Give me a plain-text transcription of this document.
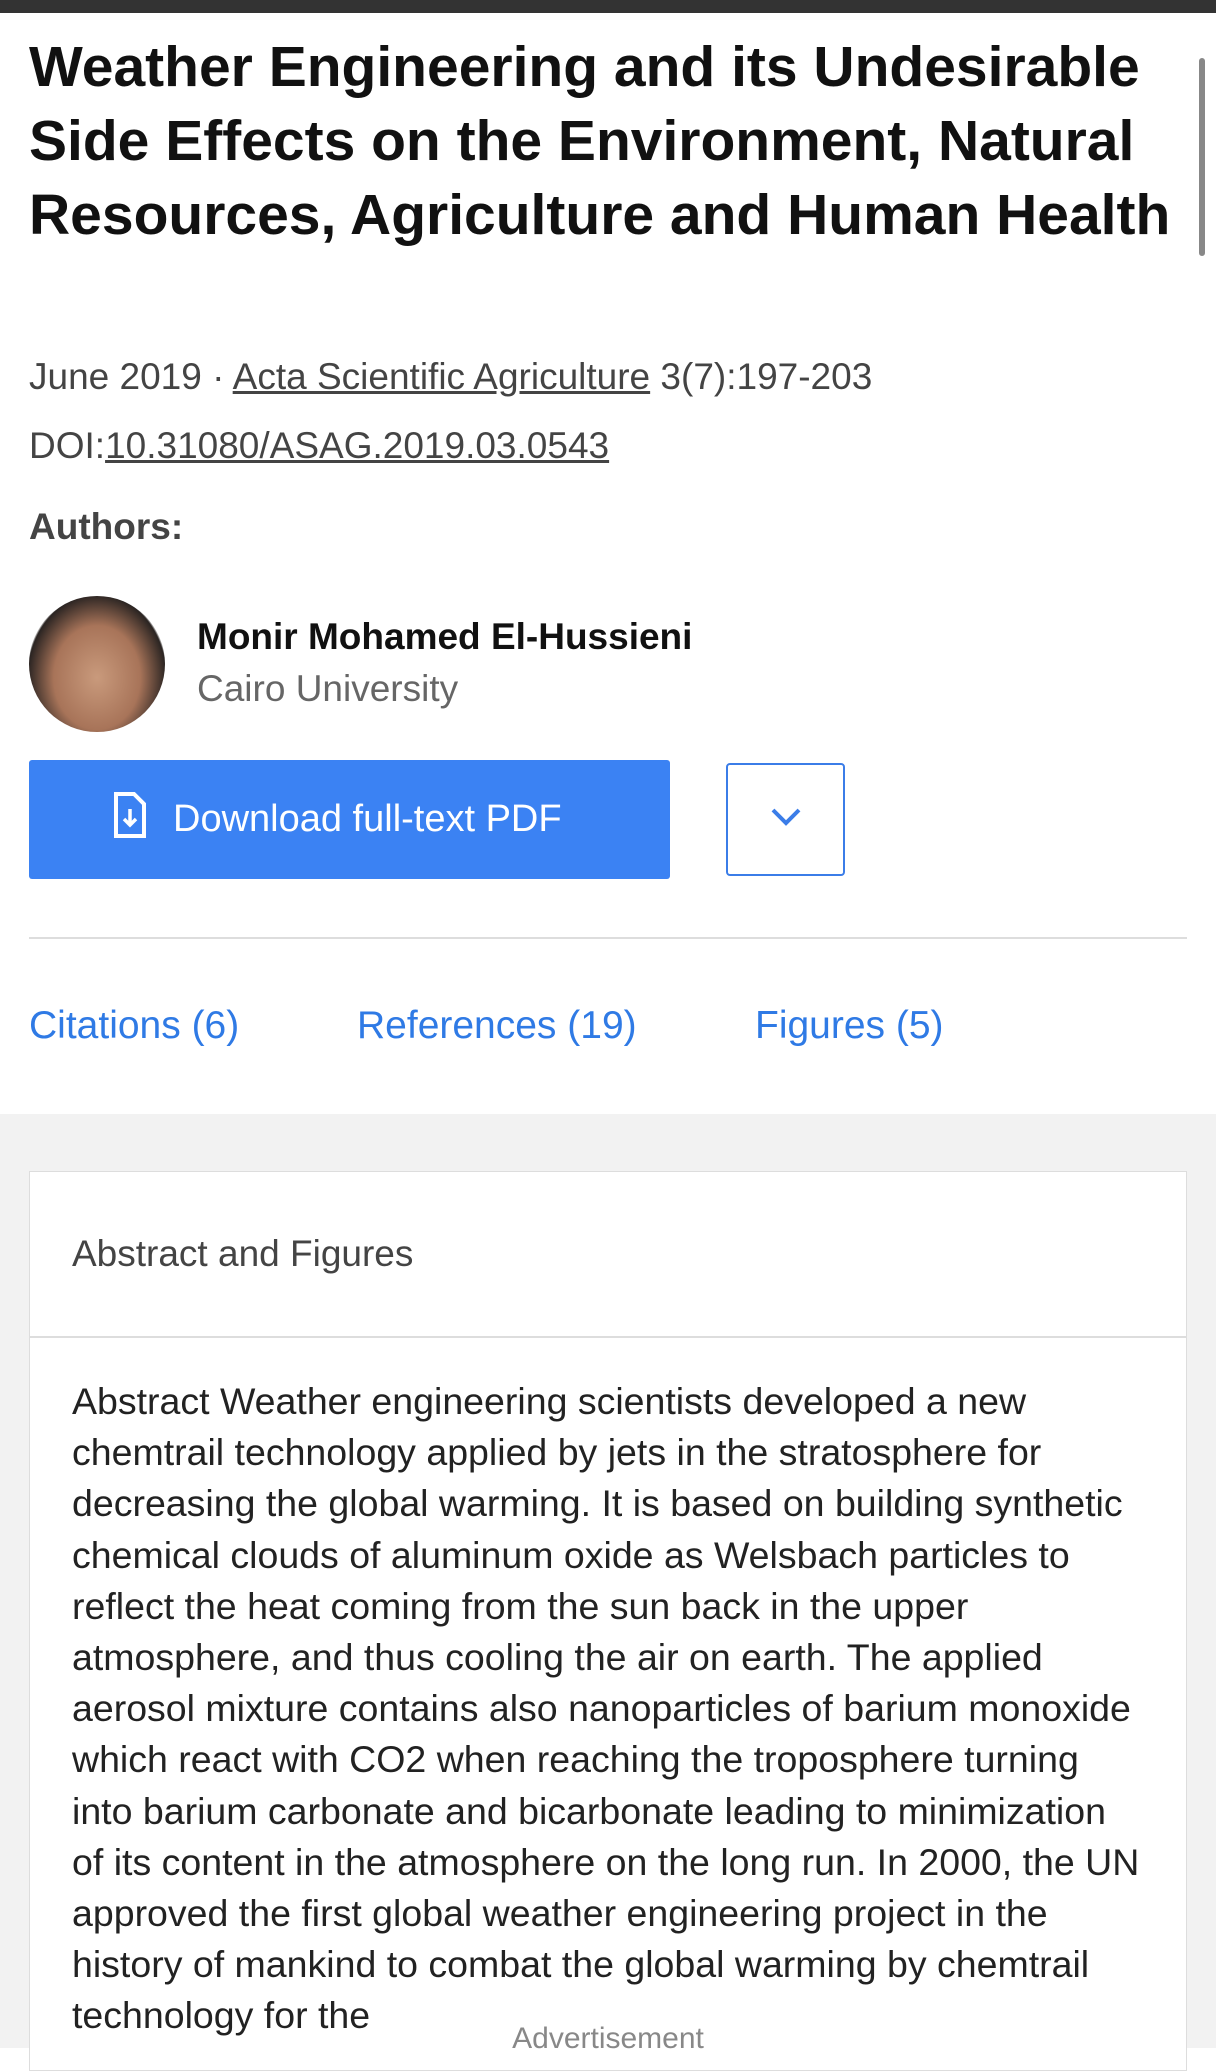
Weather Engineering and its Undesirable Side Effects on the Environment, Natural Resources, Agriculture and Human Health
June 2019 · Acta Scientific Agriculture 3(7):197-203
DOI:10.31080/ASAG.2019.03.0543
Authors:
Monir Mohamed El-Hussieni
Cairo University
Download full-text PDF
Citations (6)	References (19)	Figures (5)
Abstract and Figures
Abstract Weather engineering scientists developed a new chemtrail technology applied by jets in the stratosphere for decreasing the global warming. It is based on building synthetic chemical clouds of aluminum oxide as Welsbach particles to reflect the heat coming from the sun back in the upper atmosphere, and thus cooling the air on earth. The applied aerosol mixture contains also nanoparticles of barium monoxide which react with CO2 when reaching the troposphere turning into barium carbonate and bicarbonate leading to minimization of its content in the atmosphere on the long run. In 2000, the UN approved the first global weather engineering project in the history of mankind to combat the global warming by chemtrail technology for the
Advertisement
